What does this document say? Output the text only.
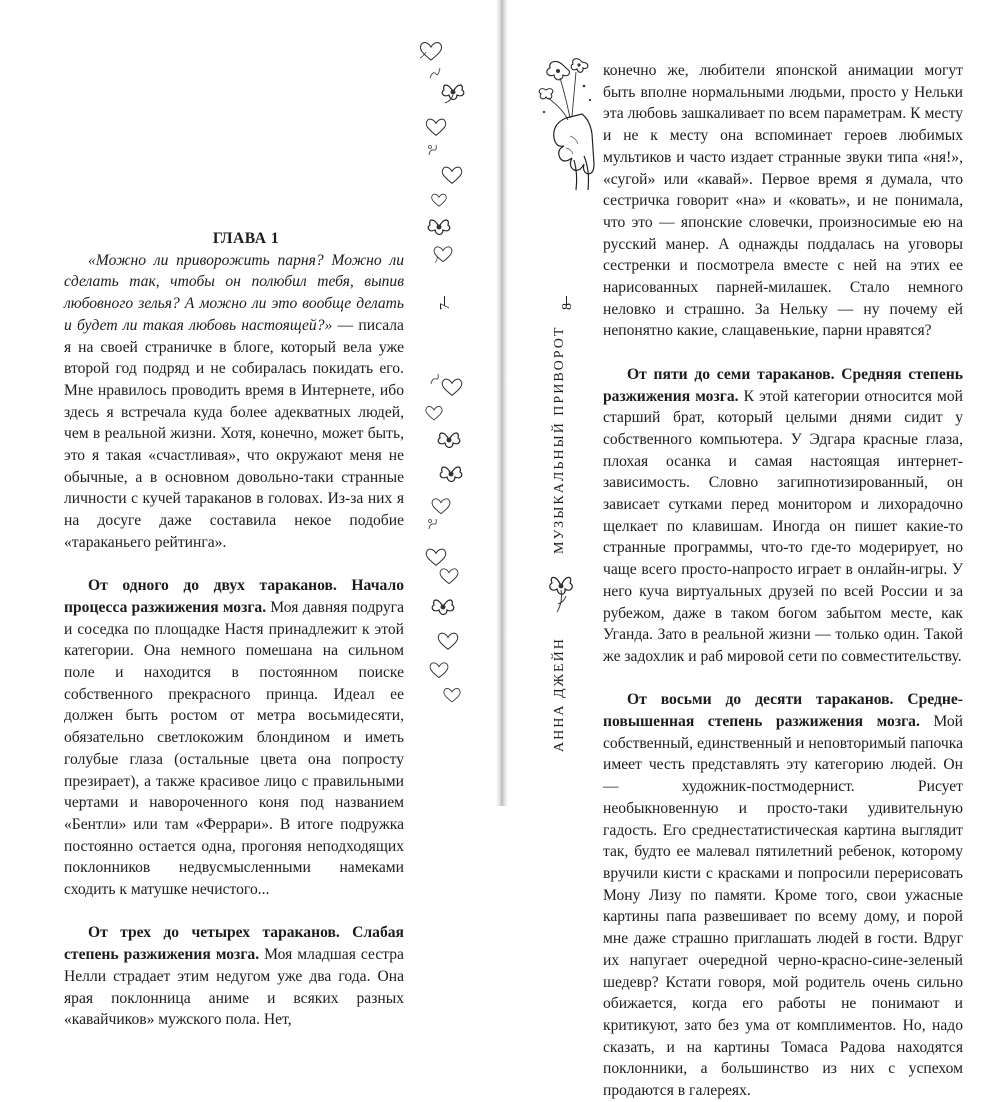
7

ГЛАВА 1

«Можно ли приворожить парня? Можно ли сделать так, чтобы он полюбил тебя, выпив любовного зелья? А можно ли это вообще делать и будет ли такая любовь настоящей?» — писала я на своей страничке в блоге, который вела уже второй год подряд и не собиралась покидать его. Мне нравилось проводить время в Интернете, ибо здесь я встречала куда более адекватных людей, чем в реальной жизни. Хотя, конечно, может быть, это я такая «счастливая», что окружают меня не обычные, а в основном довольно-таки странные личности с кучей тараканов в головах. Из-за них я на досуге даже составила некое подобие «тараканьего рейтинга».

От одного до двух тараканов. Начало процесса разжижения мозга. Моя давняя подруга и соседка по площадке Настя принадлежит к этой категории. Она немного помешана на сильном поле и находится в постоянном поиске собственного прекрасного принца. Идеал ее должен быть ростом от метра восьмидесяти, обязательно светлокожим блондином и иметь голубые глаза (остальные цвета она попросту презирает), а также красивое лицо с правильными чертами и навороченного коня под названием «Бентли» или там «Феррари». В итоге подружка постоянно остается одна, прогоняя неподходящих поклонников недвусмысленными намеками сходить к матушке нечистого...

От трех до четырех тараканов. Слабая степень разжижения мозга. Моя младшая сестра Нелли страдает этим недугом уже два года. Она ярая поклонница аниме и всяких разных «кавайчиков» мужского пола. Нет,

8
МУЗЫКАЛЬНЫЙ ПРИВОРОТ
АННА ДЖЕЙН

конечно же, любители японской анимации могут быть вполне нормальными людьми, просто у Нельки эта любовь зашкаливает по всем параметрам. К месту и не к месту она вспоминает героев любимых мультиков и часто издает странные звуки типа «ня!», «сугой» или «кавай». Первое время я думала, что сестричка говорит «на» и «ковать», и не понимала, что это — японские словечки, произносимые ею на русский манер. А однажды поддалась на уговоры сестренки и посмотрела вместе с ней на этих ее нарисованных парней-милашек. Стало немного неловко и страшно. За Нельку — ну почему ей непонятно какие, слащавенькие, парни нравятся?

От пяти до семи тараканов. Средняя степень разжижения мозга. К этой категории относится мой старший брат, который целыми днями сидит у собственного компьютера. У Эдгара красные глаза, плохая осанка и самая настоящая интернет-зависимость. Словно загипнотизированный, он зависает сутками перед монитором и лихорадочно щелкает по клавишам. Иногда он пишет какие-то странные программы, что-то где-то модерирует, но чаще всего просто-напросто играет в онлайн-игры. У него куча виртуальных друзей по всей России и за рубежом, даже в таком богом забытом месте, как Уганда. Зато в реальной жизни — только один. Такой же задохлик и раб мировой сети по совместительству.

От восьми до десяти тараканов. Среднеповышенная степень разжижения мозга. Мой собственный, единственный и неповторимый папочка имеет честь представлять эту категорию людей. Он — художник-постмодернист. Рисует необыкновенную и просто-таки удивительную гадость. Его среднестатистическая картина выглядит так, будто ее малевал пятилетний ребенок, которому вручили кисти с красками и попросили перерисовать Мону Лизу по памяти. Кроме того, свои ужасные картины папа развешивает по всему дому, и порой мне даже страшно приглашать людей в гости. Вдруг их напугает очередной черно-красно-сине-зеленый шедевр? Кстати говоря, мой родитель очень сильно обижается, когда его работы не понимают и критикуют, зато без ума от комплиментов. Но, надо сказать, и на картины Томаса Радова находятся поклонники, а большинство из них с успехом продаются в галереях.
